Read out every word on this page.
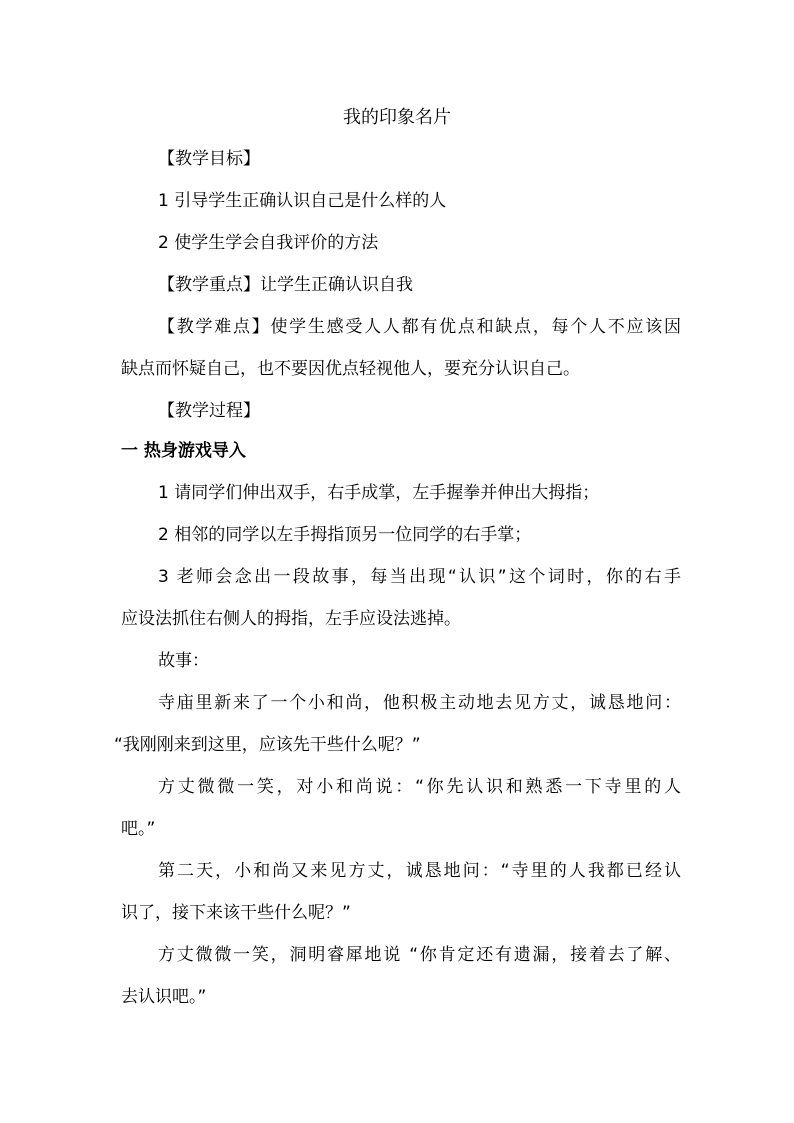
我的印象名片
【教学目标】
1 引导学生正确认识自己是什么样的人
2 使学生学会自我评价的方法
【教学重点】让学生正确认识自我
【教学难点】使学生感受人人都有优点和缺点，每个人不应该因
缺点而怀疑自己，也不要因优点轻视他人，要充分认识自己。
【教学过程】
一 热身游戏导入
1 请同学们伸出双手，右手成掌，左手握拳并伸出大拇指；
2 相邻的同学以左手拇指顶另一位同学的右手掌；
3 老师会念出一段故事，每当出现“认识”这个词时，你的右手
应设法抓住右侧人的拇指，左手应设法逃掉。
故事：
寺庙里新来了一个小和尚，他积极主动地去见方丈，诚恳地问：
“我刚刚来到这里，应该先干些什么呢？”
方丈微微一笑，对小和尚说：“你先认识和熟悉一下寺里的人
吧。”
第二天，小和尚又来见方丈，诚恳地问：“寺里的人我都已经认
识了，接下来该干些什么呢？”
方丈微微一笑，洞明睿犀地说 “你肯定还有遗漏，接着去了解、
去认识吧。”
